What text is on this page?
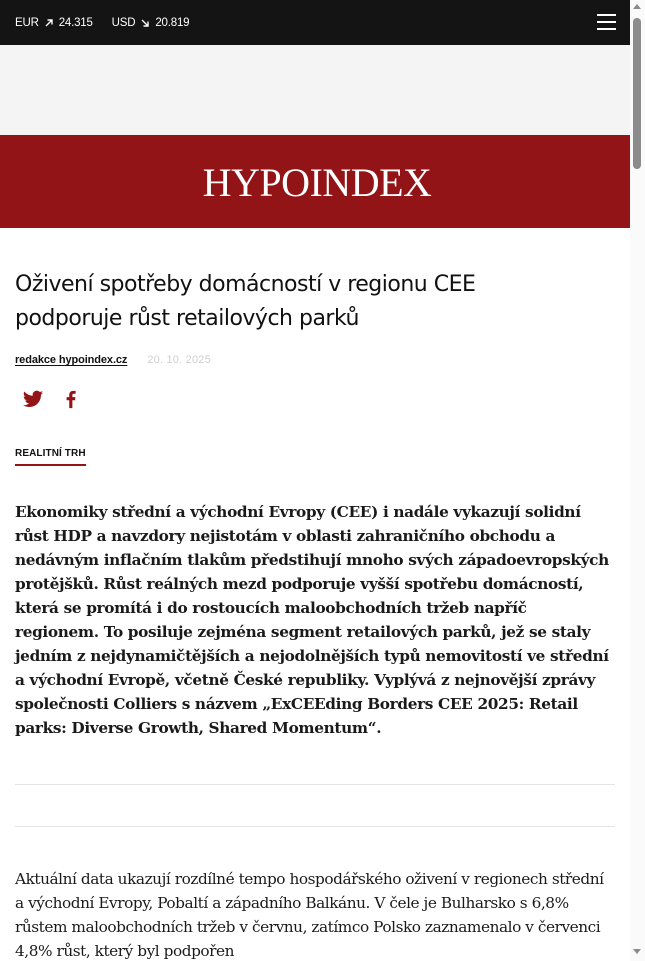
EUR 24.315 USD 20.819
HYPOINDEX
Oživení spotřeby domácností v regionu CEE podporuje růst retailových parků
redakce hypoindex.cz 20. 10. 2025
REALITNÍ TRH

Ekonomiky střední a východní Evropy (CEE) i nadále vykazují solidní růst HDP a navzdory nejistotám v oblasti zahraničního obchodu a nedávným inflačním tlakům předstihují mnoho svých západoevropských protějšků. Růst reálných mezd podporuje vyšší spotřebu domácností, která se promítá i do rostoucích maloobchodních tržeb napříč regionem. To posiluje zejména segment retailových parků, jež se staly jedním z nejdynamičtějších a nejodolnějších typů nemovitostí ve střední a východní Evropě, včetně České republiky. Vyplývá z nejnovější zprávy společnosti Colliers s názvem „ExCEEding Borders CEE 2025: Retail parks: Diverse Growth, Shared Momentum“.

Aktuální data ukazují rozdílné tempo hospodářského oživení v regionech střední a východní Evropy, Pobaltí a západního Balkánu. V čele je Bulharsko s 6,8% růstem maloobchodních tržeb v červnu, zatímco Polsko zaznamenalo v červenci 4,8% růst, který byl podpořen
